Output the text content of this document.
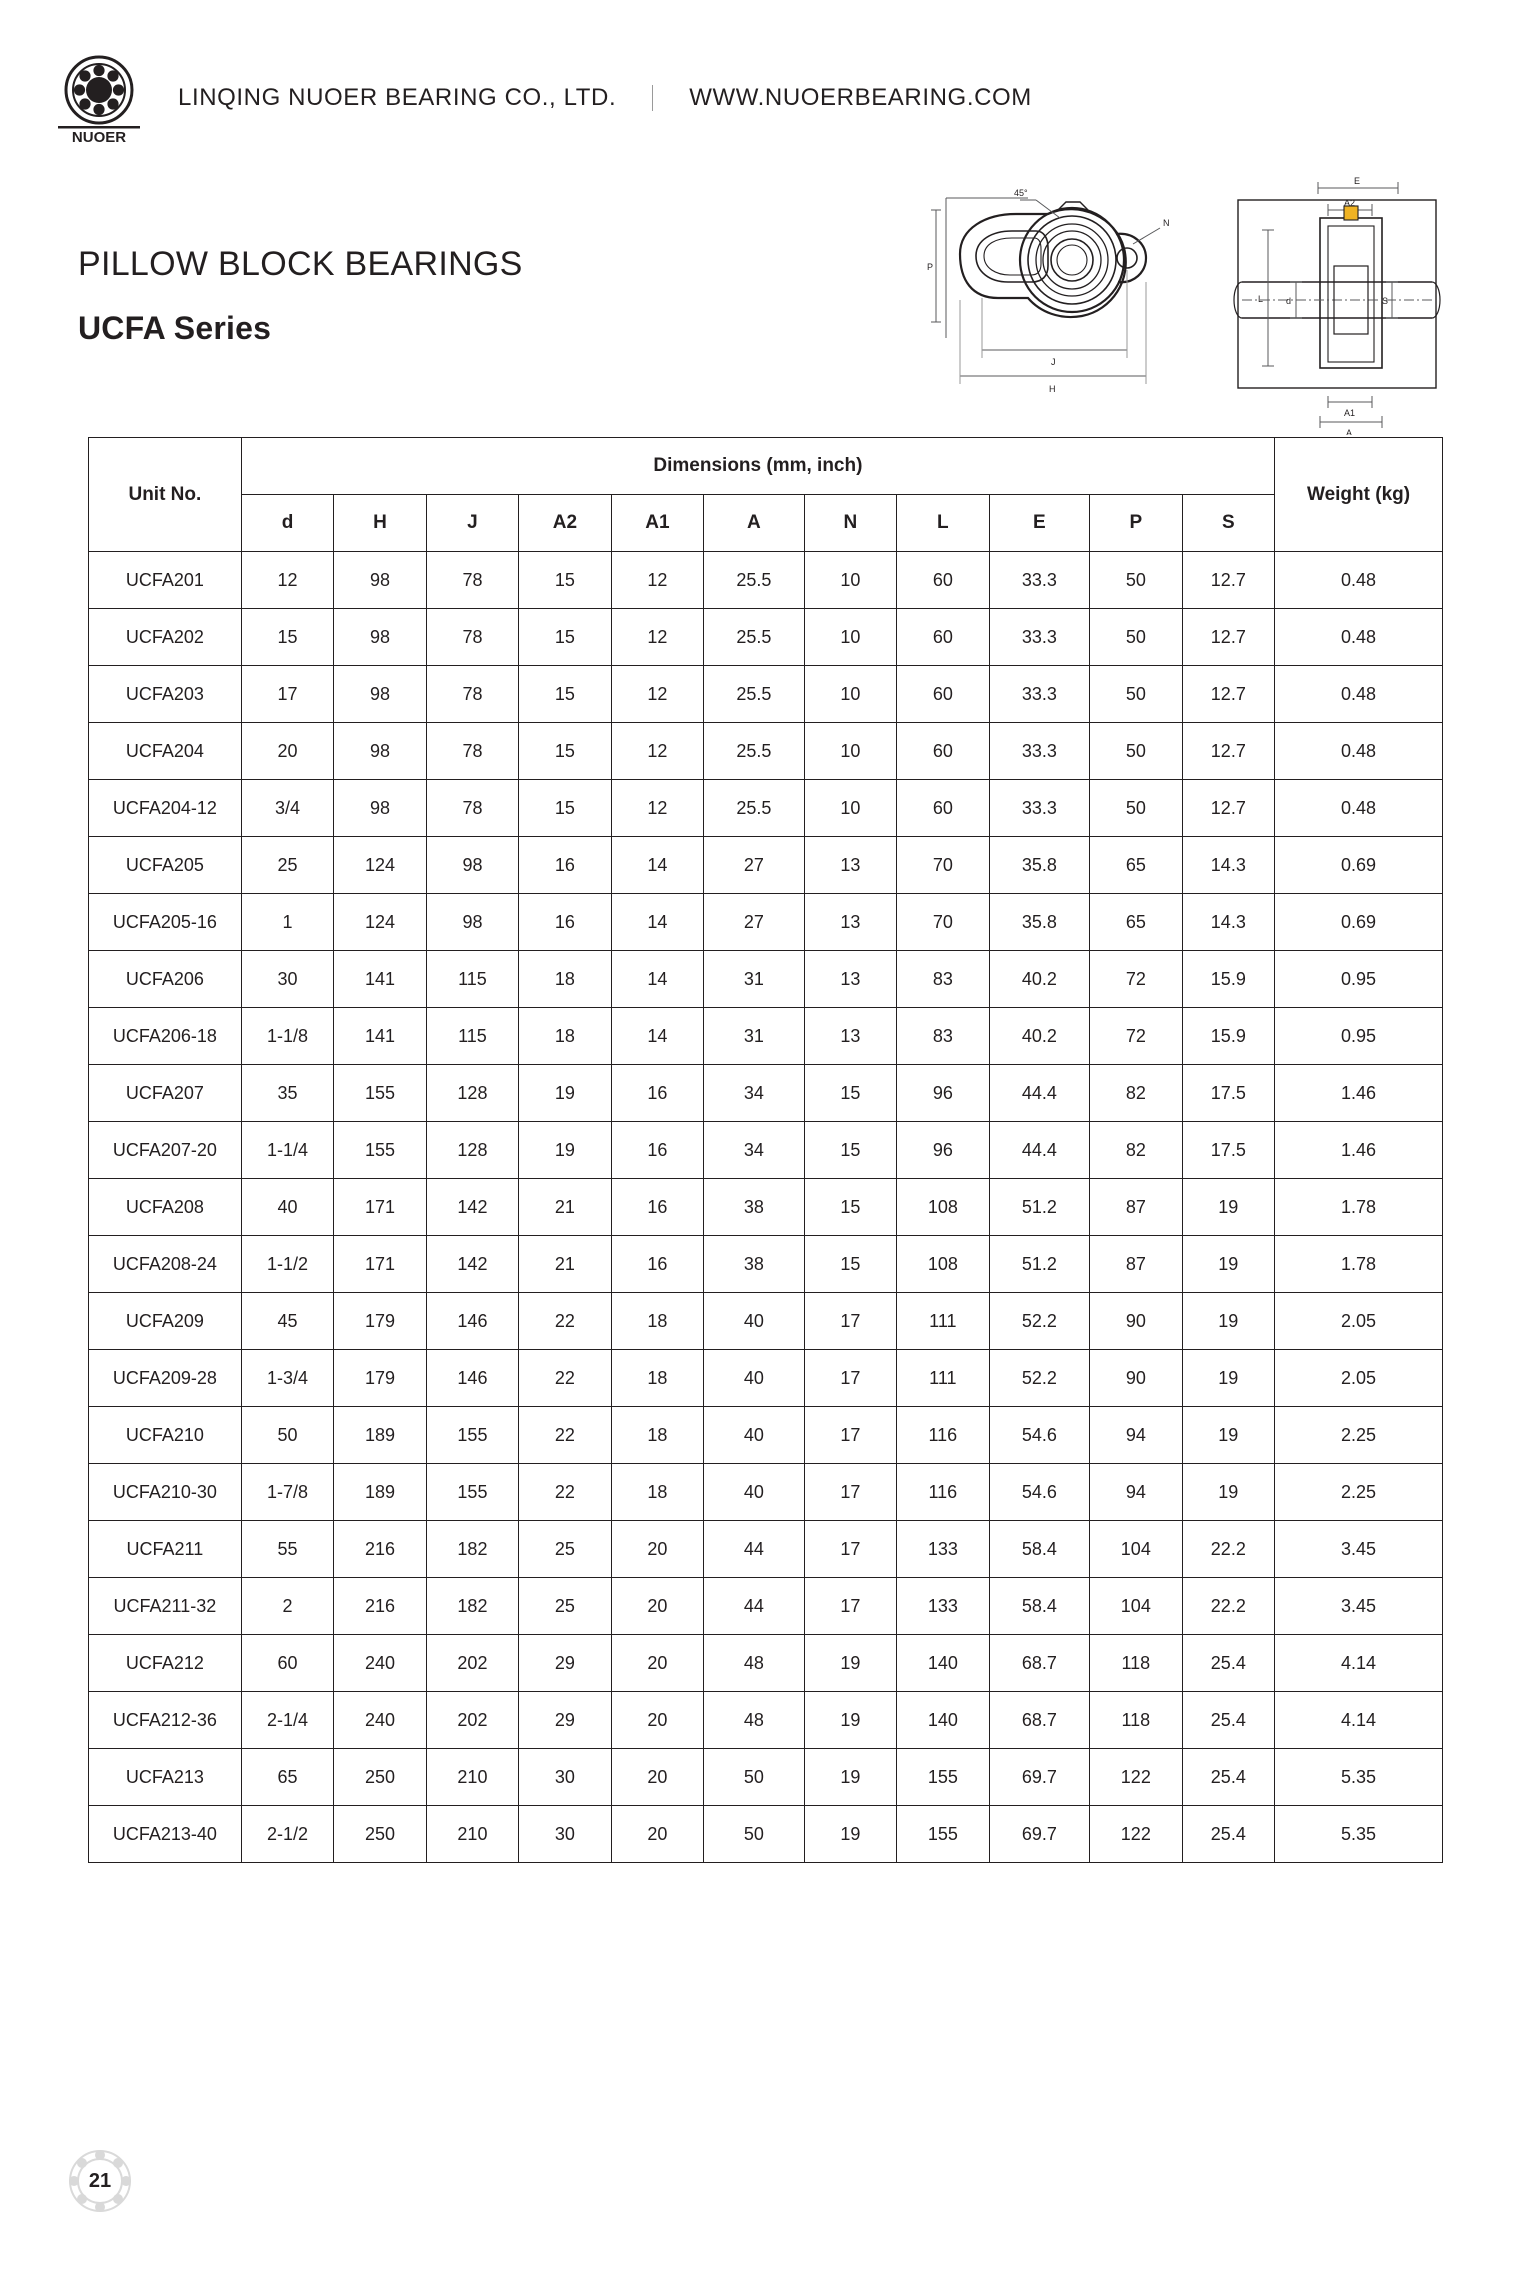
NUOER
LINQING NUOER BEARING CO., LTD.	WWW.NUOERBEARING.COM
PILLOW BLOCK BEARINGS
UCFA Series
45°
N
P
J
H
E
A2
L	d	S
A1
A
Unit No.	Dimensions (mm, inch)											Weight (kg)
	d	H	J	A2	A1	A	N	L	E	P	S	
UCFA201	12	98	78	15	12	25.5	10	60	33.3	50	12.7	0.48
UCFA202	15	98	78	15	12	25.5	10	60	33.3	50	12.7	0.48
UCFA203	17	98	78	15	12	25.5	10	60	33.3	50	12.7	0.48
UCFA204	20	98	78	15	12	25.5	10	60	33.3	50	12.7	0.48
UCFA204-12	3/4	98	78	15	12	25.5	10	60	33.3	50	12.7	0.48
UCFA205	25	124	98	16	14	27	13	70	35.8	65	14.3	0.69
UCFA205-16	1	124	98	16	14	27	13	70	35.8	65	14.3	0.69
UCFA206	30	141	115	18	14	31	13	83	40.2	72	15.9	0.95
UCFA206-18	1-1/8	141	115	18	14	31	13	83	40.2	72	15.9	0.95
UCFA207	35	155	128	19	16	34	15	96	44.4	82	17.5	1.46
UCFA207-20	1-1/4	155	128	19	16	34	15	96	44.4	82	17.5	1.46
UCFA208	40	171	142	21	16	38	15	108	51.2	87	19	1.78
UCFA208-24	1-1/2	171	142	21	16	38	15	108	51.2	87	19	1.78
UCFA209	45	179	146	22	18	40	17	111	52.2	90	19	2.05
UCFA209-28	1-3/4	179	146	22	18	40	17	111	52.2	90	19	2.05
UCFA210	50	189	155	22	18	40	17	116	54.6	94	19	2.25
UCFA210-30	1-7/8	189	155	22	18	40	17	116	54.6	94	19	2.25
UCFA211	55	216	182	25	20	44	17	133	58.4	104	22.2	3.45
UCFA211-32	2	216	182	25	20	44	17	133	58.4	104	22.2	3.45
UCFA212	60	240	202	29	20	48	19	140	68.7	118	25.4	4.14
UCFA212-36	2-1/4	240	202	29	20	48	19	140	68.7	118	25.4	4.14
UCFA213	65	250	210	30	20	50	19	155	69.7	122	25.4	5.35
UCFA213-40	2-1/2	250	210	30	20	50	19	155	69.7	122	25.4	5.35
21
